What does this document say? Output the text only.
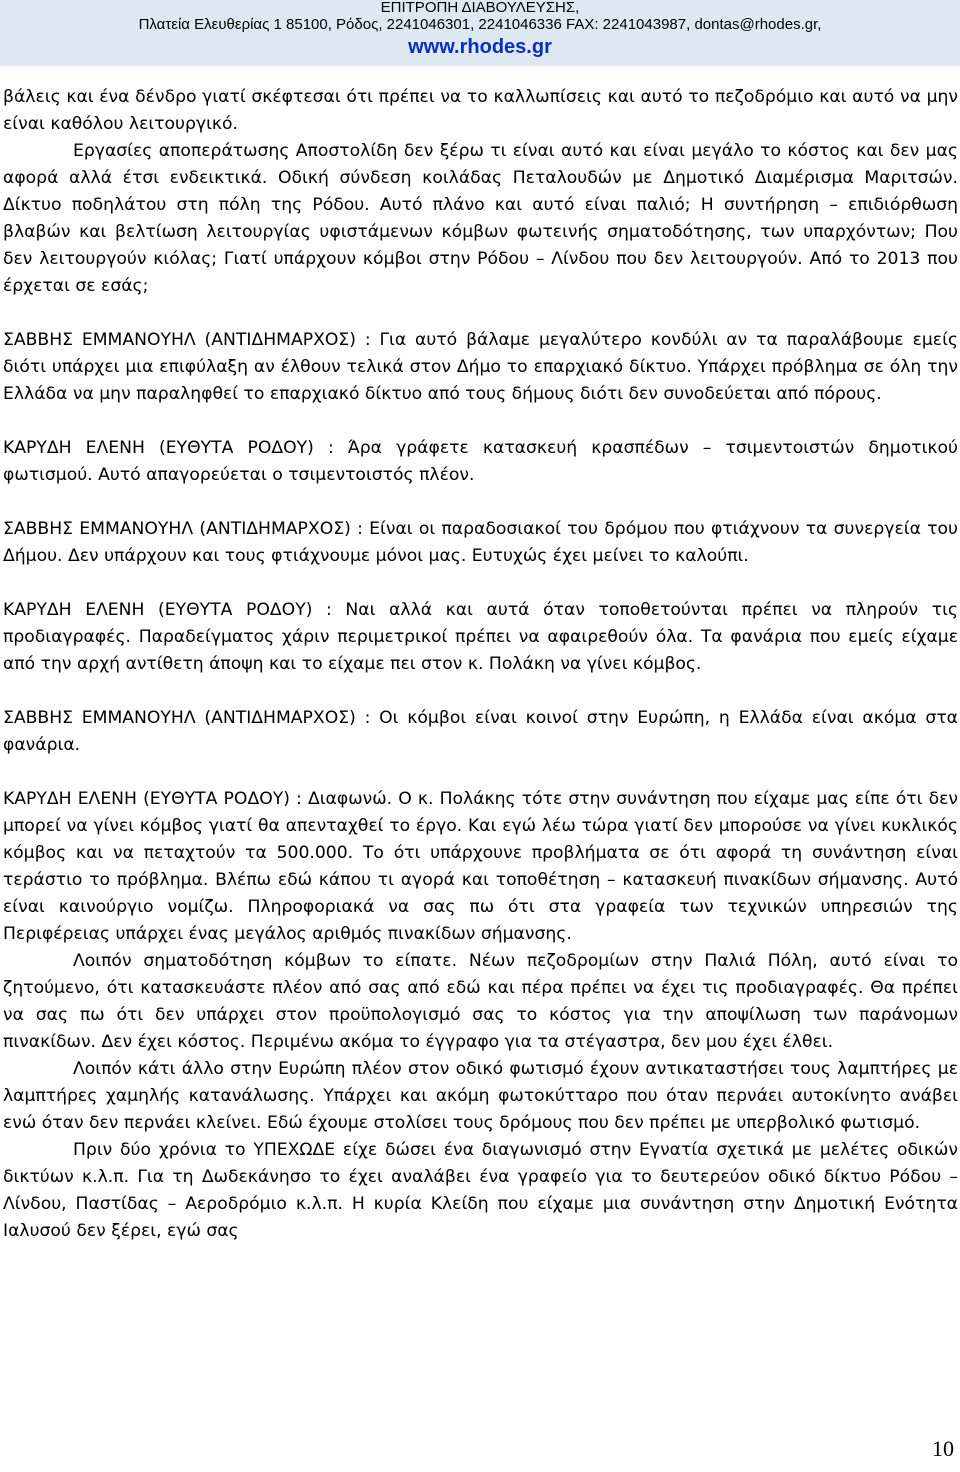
ΕΠΙΤΡΟΠΗ ΔΙΑΒΟΥΛΕΥΣΗΣ,
Πλατεία Ελευθερίας 1 85100, Ρόδος, 2241046301, 2241046336 FAX: 2241043987, dontas@rhodes.gr,
www.rhodes.gr

βάλεις και ένα δένδρο γιατί σκέφτεσαι ότι πρέπει να το καλλωπίσεις και αυτό το πεζοδρόμιο και αυτό να μην είναι καθόλου λειτουργικό.

Εργασίες αποπεράτωσης Αποστολίδη δεν ξέρω τι είναι αυτό και είναι μεγάλο το κόστος και δεν μας αφορά αλλά έτσι ενδεικτικά. Οδική σύνδεση κοιλάδας Πεταλουδών με Δημοτικό Διαμέρισμα Μαριτσών. Δίκτυο ποδηλάτου στη πόλη της Ρόδου. Αυτό πλάνο και αυτό είναι παλιό; Η συντήρηση – επιδιόρθωση βλαβών και βελτίωση λειτουργίας υφιστάμενων κόμβων φωτεινής σηματοδότησης, των υπαρχόντων; Που δεν λειτουργούν κιόλας; Γιατί υπάρχουν κόμβοι στην Ρόδου – Λίνδου που δεν λειτουργούν. Από το 2013 που έρχεται σε εσάς;

ΣΑΒΒΗΣ ΕΜΜΑΝΟΥΗΛ (ΑΝΤΙΔΗΜΑΡΧΟΣ) : Για αυτό βάλαμε μεγαλύτερο κονδύλι αν τα παραλάβουμε εμείς διότι υπάρχει μια επιφύλαξη αν έλθουν τελικά στον Δήμο το επαρχιακό δίκτυο. Υπάρχει πρόβλημα σε όλη την Ελλάδα να μην παραληφθεί το επαρχιακό δίκτυο από τους δήμους διότι δεν συνοδεύεται από πόρους.

ΚΑΡΥΔΗ ΕΛΕΝΗ (ΕΥΘΥΤΑ ΡΟΔΟΥ) : Άρα γράφετε κατασκευή κρασπέδων – τσιμεντοιστών δημοτικού φωτισμού. Αυτό απαγορεύεται ο τσιμεντοιστός πλέον.

ΣΑΒΒΗΣ ΕΜΜΑΝΟΥΗΛ (ΑΝΤΙΔΗΜΑΡΧΟΣ) : Είναι οι παραδοσιακοί του δρόμου που φτιάχνουν τα συνεργεία του Δήμου. Δεν υπάρχουν και τους φτιάχνουμε μόνοι μας. Ευτυχώς έχει μείνει το καλούπι.

ΚΑΡΥΔΗ ΕΛΕΝΗ (ΕΥΘΥΤΑ ΡΟΔΟΥ) : Ναι αλλά και αυτά όταν τοποθετούνται πρέπει να πληρούν τις προδιαγραφές. Παραδείγματος χάριν περιμετρικοί πρέπει να αφαιρεθούν όλα. Τα φανάρια που εμείς είχαμε από την αρχή αντίθετη άποψη και το είχαμε πει στον κ. Πολάκη να γίνει κόμβος.

ΣΑΒΒΗΣ ΕΜΜΑΝΟΥΗΛ (ΑΝΤΙΔΗΜΑΡΧΟΣ) : Οι κόμβοι είναι κοινοί στην Ευρώπη, η Ελλάδα είναι ακόμα στα φανάρια.

ΚΑΡΥΔΗ ΕΛΕΝΗ (ΕΥΘΥΤΑ ΡΟΔΟΥ) : Διαφωνώ. Ο κ. Πολάκης τότε στην συνάντηση που είχαμε μας είπε ότι δεν μπορεί να γίνει κόμβος γιατί θα απενταχθεί το έργο. Και εγώ λέω τώρα γιατί δεν μπορούσε να γίνει κυκλικός κόμβος και να πεταχτούν τα 500.000. Το ότι υπάρχουνε προβλήματα σε ότι αφορά τη συνάντηση είναι τεράστιο το πρόβλημα. Βλέπω εδώ κάπου τι αγορά και τοποθέτηση – κατασκευή πινακίδων σήμανσης. Αυτό είναι καινούργιο νομίζω. Πληροφοριακά να σας πω ότι στα γραφεία των τεχνικών υπηρεσιών της Περιφέρειας υπάρχει ένας μεγάλος αριθμός πινακίδων σήμανσης.

Λοιπόν σηματοδότηση κόμβων το είπατε. Νέων πεζοδρομίων στην Παλιά Πόλη, αυτό είναι το ζητούμενο, ότι κατασκευάστε πλέον από σας από εδώ και πέρα πρέπει να έχει τις προδιαγραφές. Θα πρέπει να σας πω ότι δεν υπάρχει στον προϋπολογισμό σας το κόστος για την αποψίλωση των παράνομων πινακίδων. Δεν έχει κόστος. Περιμένω ακόμα το έγγραφο για τα στέγαστρα, δεν μου έχει έλθει.

Λοιπόν κάτι άλλο στην Ευρώπη πλέον στον οδικό φωτισμό έχουν αντικαταστήσει τους λαμπτήρες με λαμπτήρες χαμηλής κατανάλωσης. Υπάρχει και ακόμη φωτοκύτταρο που όταν περνάει αυτοκίνητο ανάβει ενώ όταν δεν περνάει κλείνει. Εδώ έχουμε στολίσει τους δρόμους που δεν πρέπει με υπερβολικό φωτισμό.

Πριν δύο χρόνια το ΥΠΕΧΩΔΕ είχε δώσει ένα διαγωνισμό στην Εγνατία σχετικά με μελέτες οδικών δικτύων κ.λ.π. Για τη Δωδεκάνησο το έχει αναλάβει ένα γραφείο για το δευτερεύον οδικό δίκτυο Ρόδου – Λίνδου, Παστίδας – Αεροδρόμιο κ.λ.π. Η κυρία Κλείδη που είχαμε μια συνάντηση στην Δημοτική Ενότητα Ιαλυσού δεν ξέρει, εγώ σας

10
